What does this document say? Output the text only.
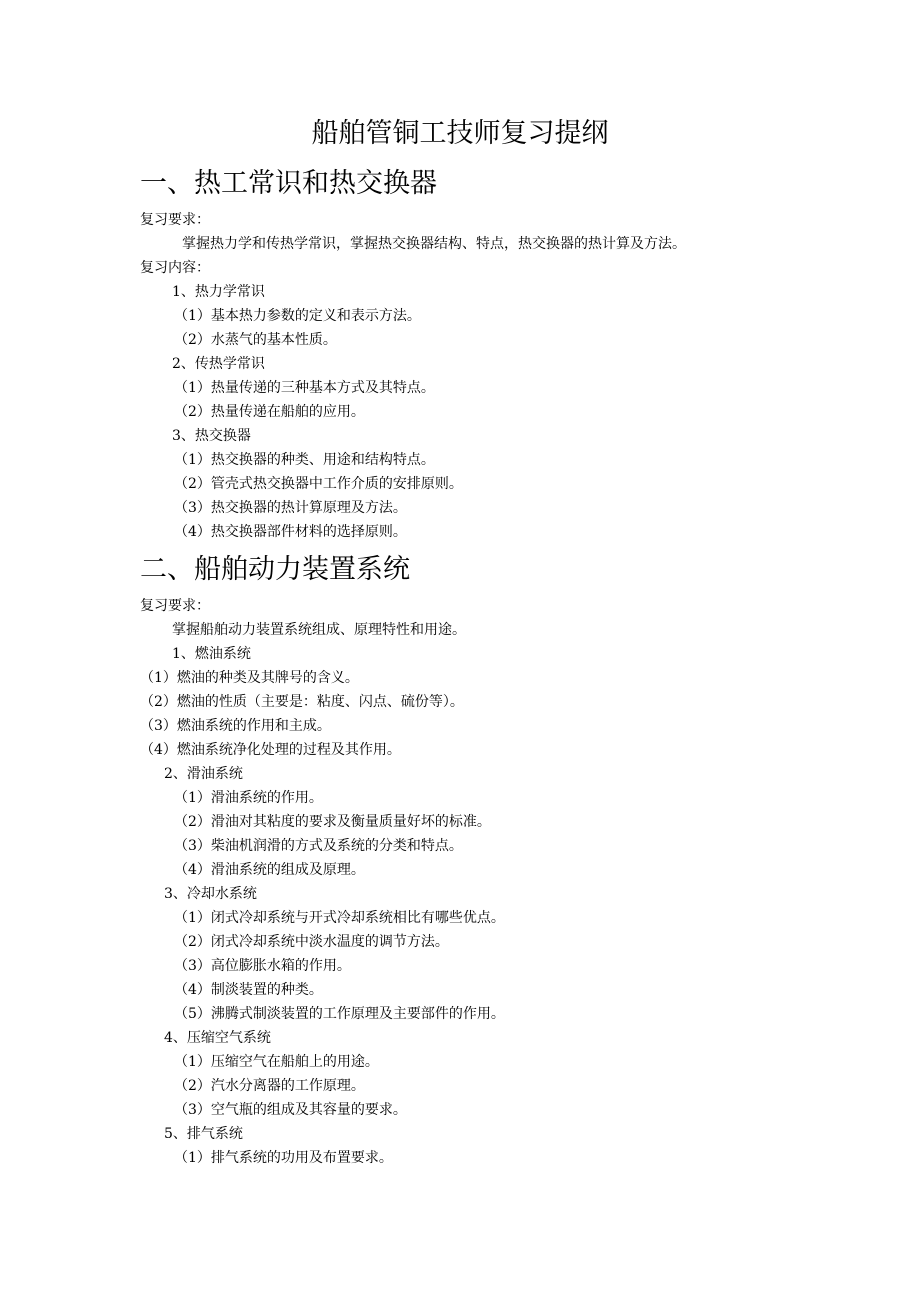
船舶管铜工技师复习提纲
一、热工常识和热交换器
复习要求：
掌握热力学和传热学常识，掌握热交换器结构、特点，热交换器的热计算及方法。
复习内容：
1、热力学常识
（1）基本热力参数的定义和表示方法。
（2）水蒸气的基本性质。
2、传热学常识
（1）热量传递的三种基本方式及其特点。
（2）热量传递在船舶的应用。
3、热交换器
（1）热交换器的种类、用途和结构特点。
（2）管壳式热交换器中工作介质的安排原则。
（3）热交换器的热计算原理及方法。
（4）热交换器部件材料的选择原则。
二、船舶动力装置系统
复习要求：
掌握船舶动力装置系统组成、原理特性和用途。
1、燃油系统
（1）燃油的种类及其牌号的含义。
（2）燃油的性质（主要是：粘度、闪点、硫份等）。
（3）燃油系统的作用和主成。
（4）燃油系统净化处理的过程及其作用。
2、滑油系统
（1）滑油系统的作用。
（2）滑油对其粘度的要求及衡量质量好坏的标准。
（3）柴油机润滑的方式及系统的分类和特点。
（4）滑油系统的组成及原理。
3、冷却水系统
（1）闭式冷却系统与开式冷却系统相比有哪些优点。
（2）闭式冷却系统中淡水温度的调节方法。
（3）高位膨胀水箱的作用。
（4）制淡装置的种类。
（5）沸腾式制淡装置的工作原理及主要部件的作用。
4、压缩空气系统
（1）压缩空气在船舶上的用途。
（2）汽水分离器的工作原理。
（3）空气瓶的组成及其容量的要求。
5、排气系统
（1）排气系统的功用及布置要求。
